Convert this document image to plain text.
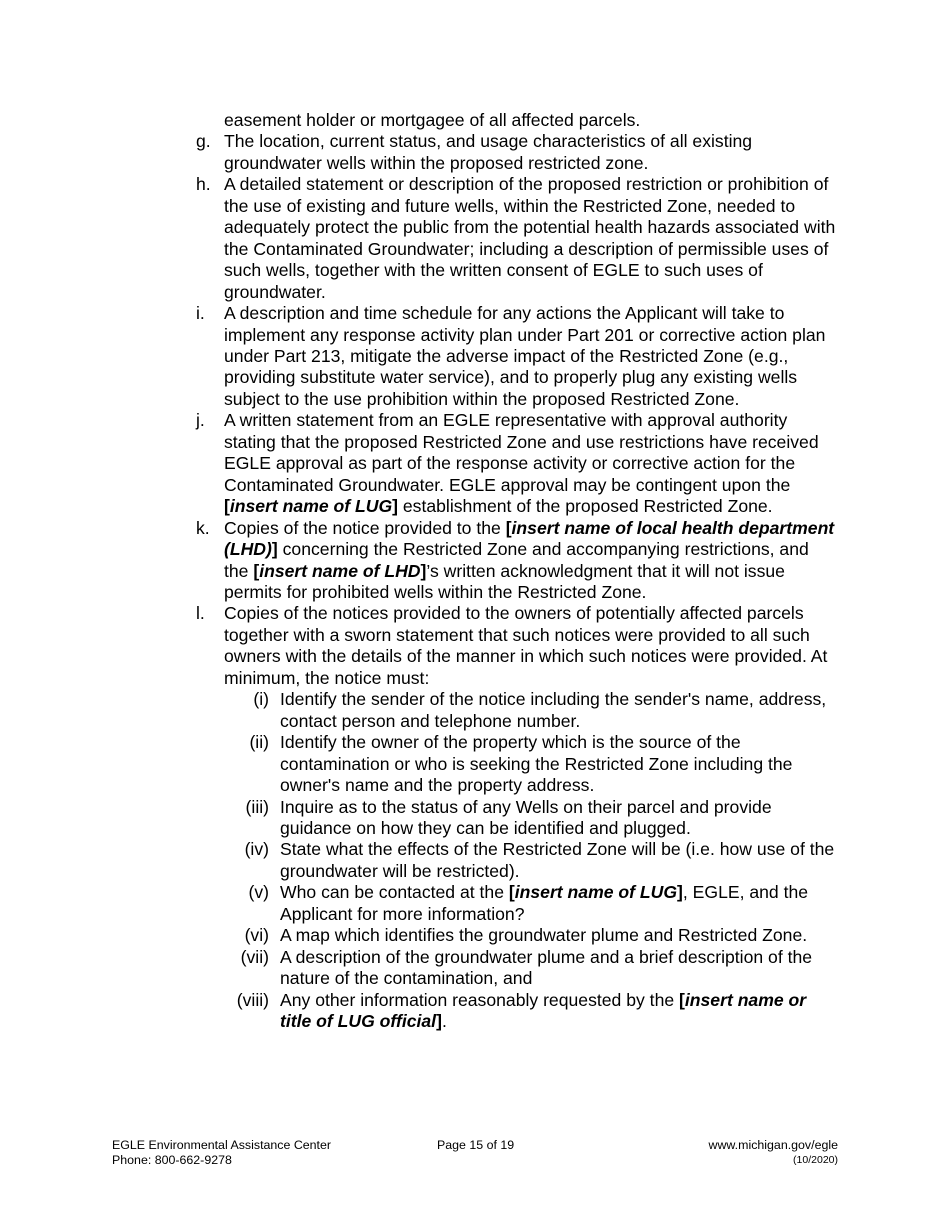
easement holder or mortgagee of all affected parcels.
g. The location, current status, and usage characteristics of all existing groundwater wells within the proposed restricted zone.
h. A detailed statement or description of the proposed restriction or prohibition of the use of existing and future wells, within the Restricted Zone, needed to adequately protect the public from the potential health hazards associated with the Contaminated Groundwater; including a description of permissible uses of such wells, together with the written consent of EGLE to such uses of groundwater.
i. A description and time schedule for any actions the Applicant will take to implement any response activity plan under Part 201 or corrective action plan under Part 213, mitigate the adverse impact of the Restricted Zone (e.g., providing substitute water service), and to properly plug any existing wells subject to the use prohibition within the proposed Restricted Zone.
j. A written statement from an EGLE representative with approval authority stating that the proposed Restricted Zone and use restrictions have received EGLE approval as part of the response activity or corrective action for the Contaminated Groundwater. EGLE approval may be contingent upon the [insert name of LUG] establishment of the proposed Restricted Zone.
k. Copies of the notice provided to the [insert name of local health department (LHD)] concerning the Restricted Zone and accompanying restrictions, and the [insert name of LHD]’s written acknowledgment that it will not issue permits for prohibited wells within the Restricted Zone.
l. Copies of the notices provided to the owners of potentially affected parcels together with a sworn statement that such notices were provided to all such owners with the details of the manner in which such notices were provided. At minimum, the notice must:
(i) Identify the sender of the notice including the sender's name, address, contact person and telephone number.
(ii) Identify the owner of the property which is the source of the contamination or who is seeking the Restricted Zone including the owner's name and the property address.
(iii) Inquire as to the status of any Wells on their parcel and provide guidance on how they can be identified and plugged.
(iv) State what the effects of the Restricted Zone will be (i.e. how use of the groundwater will be restricted).
(v) Who can be contacted at the [insert name of LUG], EGLE, and the Applicant for more information?
(vi) A map which identifies the groundwater plume and Restricted Zone.
(vii) A description of the groundwater plume and a brief description of the nature of the contamination, and
(viii) Any other information reasonably requested by the [insert name or title of LUG official].
EGLE Environmental Assistance Center
Phone: 800-662-9278
Page 15 of 19	www.michigan.gov/egle
(10/2020)
